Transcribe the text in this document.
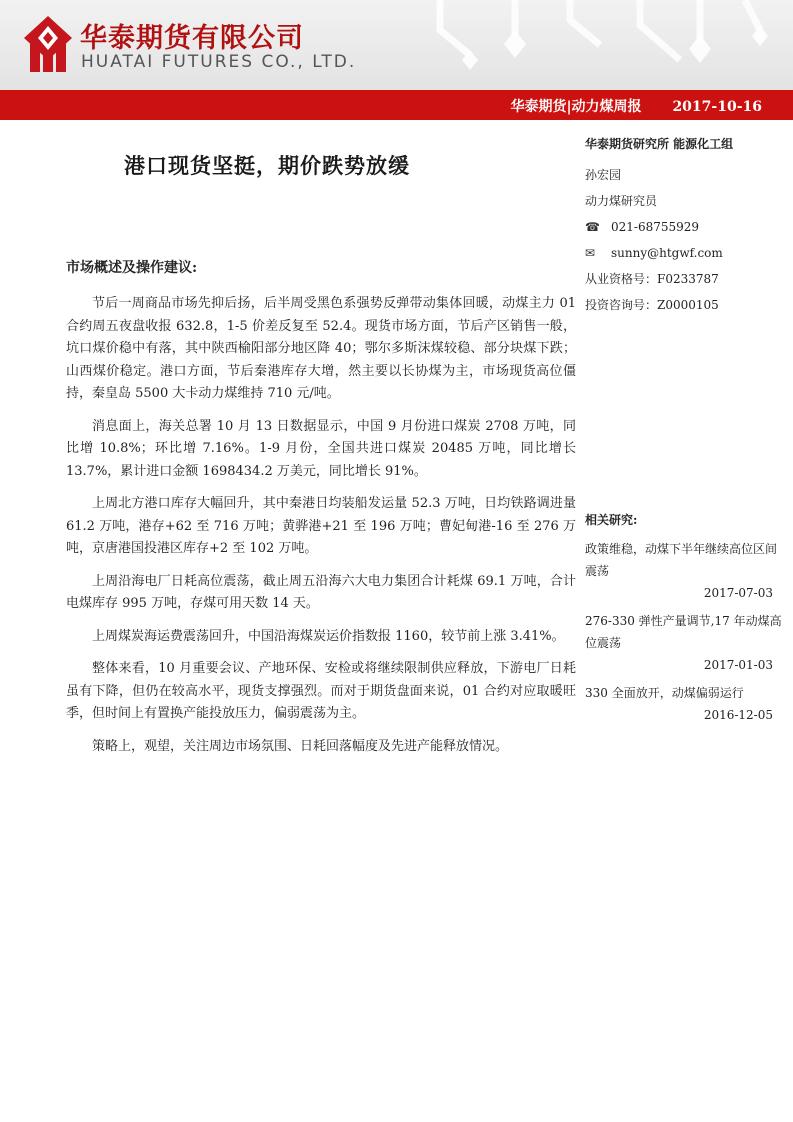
华泰期货有限公司
HUATAI FUTURES CO., LTD.
华泰期货|动力煤周报 2017-10-16
港口现货坚挺，期价跌势放缓
市场概述及操作建议:

节后一周商品市场先抑后扬，后半周受黑色系强势反弹带动集体回暖，动煤主力 01 合约周五夜盘收报 632.8，1-5 价差反复至 52.4。现货市场方面，节后产区销售一般，坑口煤价稳中有落，其中陕西榆阳部分地区降 40；鄂尔多斯沫煤较稳、部分块煤下跌；山西煤价稳定。港口方面，节后秦港库存大增，然主要以长协煤为主，市场现货高位僵持，秦皇岛 5500 大卡动力煤维持 710 元/吨。

消息面上，海关总署 10 月 13 日数据显示，中国 9 月份进口煤炭 2708 万吨，同比增 10.8%；环比增 7.16%。1-9 月份，全国共进口煤炭 20485 万吨，同比增长 13.7%，累计进口金额 1698434.2 万美元，同比增长 91%。

上周北方港口库存大幅回升，其中秦港日均装船发运量 52.3 万吨，日均铁路调进量 61.2 万吨，港存+62 至 716 万吨；黄骅港+21 至 196 万吨；曹妃甸港-16 至 276 万吨，京唐港国投港区库存+2 至 102 万吨。

上周沿海电厂日耗高位震荡，截止周五沿海六大电力集团合计耗煤 69.1 万吨，合计电煤库存 995 万吨，存煤可用天数 14 天。

上周煤炭海运费震荡回升，中国沿海煤炭运价指数报 1160，较节前上涨 3.41%。

整体来看，10 月重要会议、产地环保、安检或将继续限制供应释放，下游电厂日耗虽有下降，但仍在较高水平，现货支撑强烈。而对于期货盘面来说，01 合约对应取暖旺季，但时间上有置换产能投放压力，偏弱震荡为主。

策略上，观望，关注周边市场氛围、日耗回落幅度及先进产能释放情况。

华泰期货研究所 能源化工组
孙宏园
动力煤研究员
☎ 021-68755929
✉ sunny@htgwf.com
从业资格号：F0233787
投资咨询号：Z0000105
相关研究:
政策维稳，动煤下半年继续高位区间震荡
2017-07-03
276-330 弹性产量调节,17 年动煤高位震荡
2017-01-03
330 全面放开，动煤偏弱运行
2016-12-05
